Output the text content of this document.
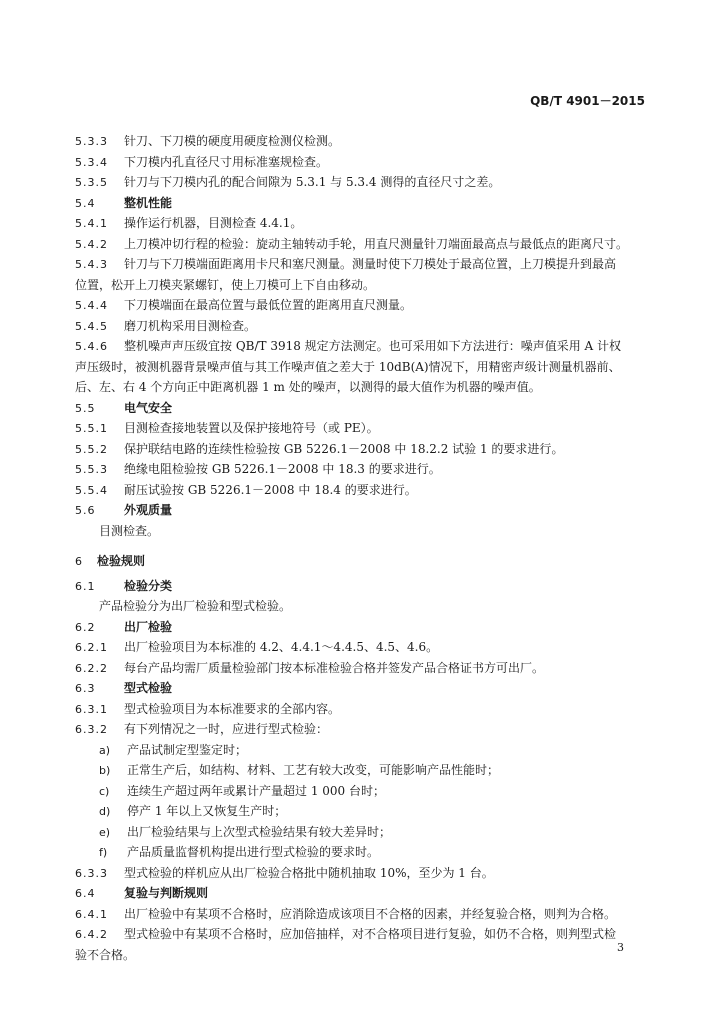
QB/T 4901－2015
5.3.3 针刀、下刀模的硬度用硬度检测仪检测。
5.3.4 下刀模内孔直径尺寸用标准塞规检查。
5.3.5 针刀与下刀模内孔的配合间隙为 5.3.1 与 5.3.4 测得的直径尺寸之差。
5.4 整机性能
5.4.1 操作运行机器，目测检查 4.4.1。
5.4.2 上刀模冲切行程的检验：旋动主轴转动手轮，用直尺测量针刀端面最高点与最低点的距离尺寸。
5.4.3 针刀与下刀模端面距离用卡尺和塞尺测量。测量时使下刀模处于最高位置，上刀模提升到最高
位置，松开上刀模夹紧螺钉，使上刀模可上下自由移动。
5.4.4 下刀模端面在最高位置与最低位置的距离用直尺测量。
5.4.5 磨刀机构采用目测检查。
5.4.6 整机噪声声压级宜按 QB/T 3918 规定方法测定。也可采用如下方法进行：噪声值采用 A 计权
声压级时，被测机器背景噪声值与其工作噪声值之差大于 10dB(A)情况下，用精密声级计测量机器前、
后、左、右 4 个方向正中距离机器 1 m 处的噪声，以测得的最大值作为机器的噪声值。
5.5 电气安全
5.5.1 目测检查接地装置以及保护接地符号（或 PE）。
5.5.2 保护联结电路的连续性检验按 GB 5226.1－2008 中 18.2.2 试验 1 的要求进行。
5.5.3 绝缘电阻检验按 GB 5226.1－2008 中 18.3 的要求进行。
5.5.4 耐压试验按 GB 5226.1－2008 中 18.4 的要求进行。
5.6 外观质量
目测检查。
6 检验规则
6.1 检验分类
产品检验分为出厂检验和型式检验。
6.2 出厂检验
6.2.1 出厂检验项目为本标准的 4.2、4.4.1～4.4.5、4.5、4.6。
6.2.2 每台产品均需厂质量检验部门按本标准检验合格并签发产品合格证书方可出厂。
6.3 型式检验
6.3.1 型式检验项目为本标准要求的全部内容。
6.3.2 有下列情况之一时，应进行型式检验：
a) 产品试制定型鉴定时；
b) 正常生产后，如结构、材料、工艺有较大改变，可能影响产品性能时；
c) 连续生产超过两年或累计产量超过 1 000 台时；
d) 停产 1 年以上又恢复生产时；
e) 出厂检验结果与上次型式检验结果有较大差异时；
f) 产品质量监督机构提出进行型式检验的要求时。
6.3.3 型式检验的样机应从出厂检验合格批中随机抽取 10%，至少为 1 台。
6.4 复验与判断规则
6.4.1 出厂检验中有某项不合格时，应消除造成该项目不合格的因素，并经复验合格，则判为合格。
6.4.2 型式检验中有某项不合格时，应加倍抽样，对不合格项目进行复验，如仍不合格，则判型式检
验不合格。	3
